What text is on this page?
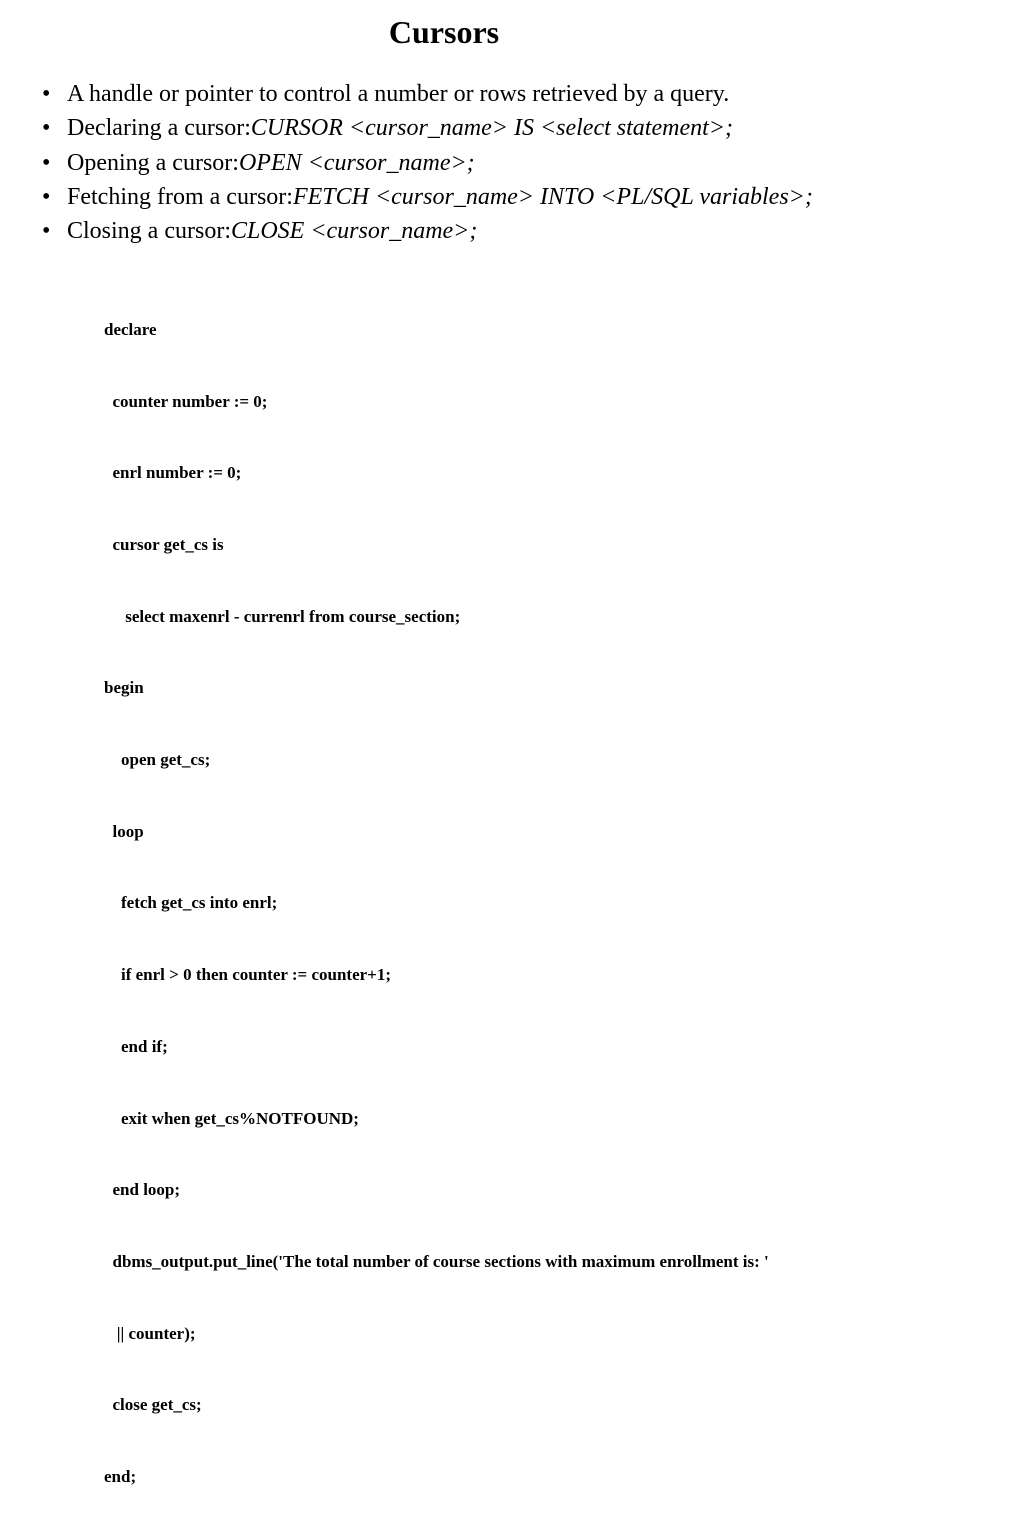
Cursors
• A handle or pointer to control a number or rows retrieved by a query.
• Declaring a cursor: CURSOR <cursor_name> IS <select statement>;
• Opening a cursor: OPEN <cursor_name>;
• Fetching from a cursor: FETCH <cursor_name> INTO <PL/SQL variables>;
• Closing a cursor: CLOSE <cursor_name>;

declare

counter number := 0;

enrl number := 0;

cursor get_cs is

select maxenrl - currenrl from course_section;

begin

open get_cs;

loop

fetch get_cs into enrl;

if enrl > 0 then counter := counter+1;

end if;

exit when get_cs%NOTFOUND;

end loop;

dbms_output.put_line('The total number of course sections with maximum enrollment is: '

|| counter);

close get_cs;

end;
